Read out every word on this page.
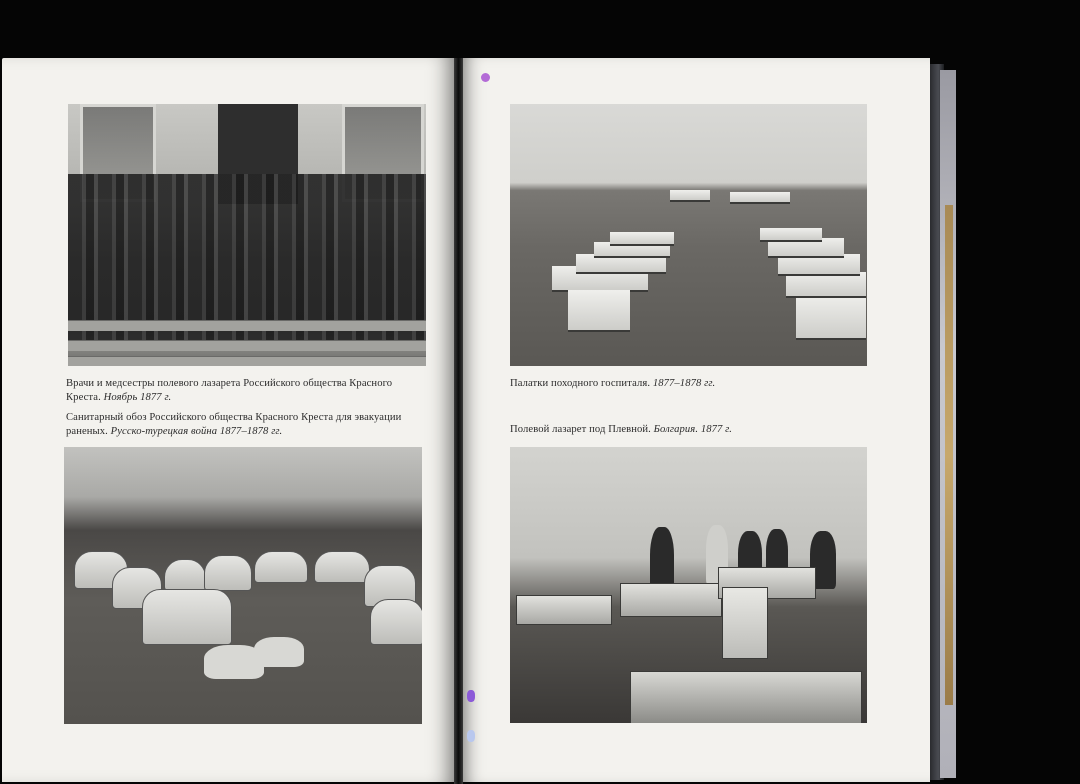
Врачи и медсестры полевого лазарета Российского общества Красного Креста. Ноябрь 1877 г.
Санитарный обоз Российского общества Красного Креста для эвакуации раненых. Русско-турецкая война 1877–1878 гг.
Палатки походного госпиталя. 1877–1878 гг.
Полевой лазарет под Плевной. Болгария. 1877 г.
